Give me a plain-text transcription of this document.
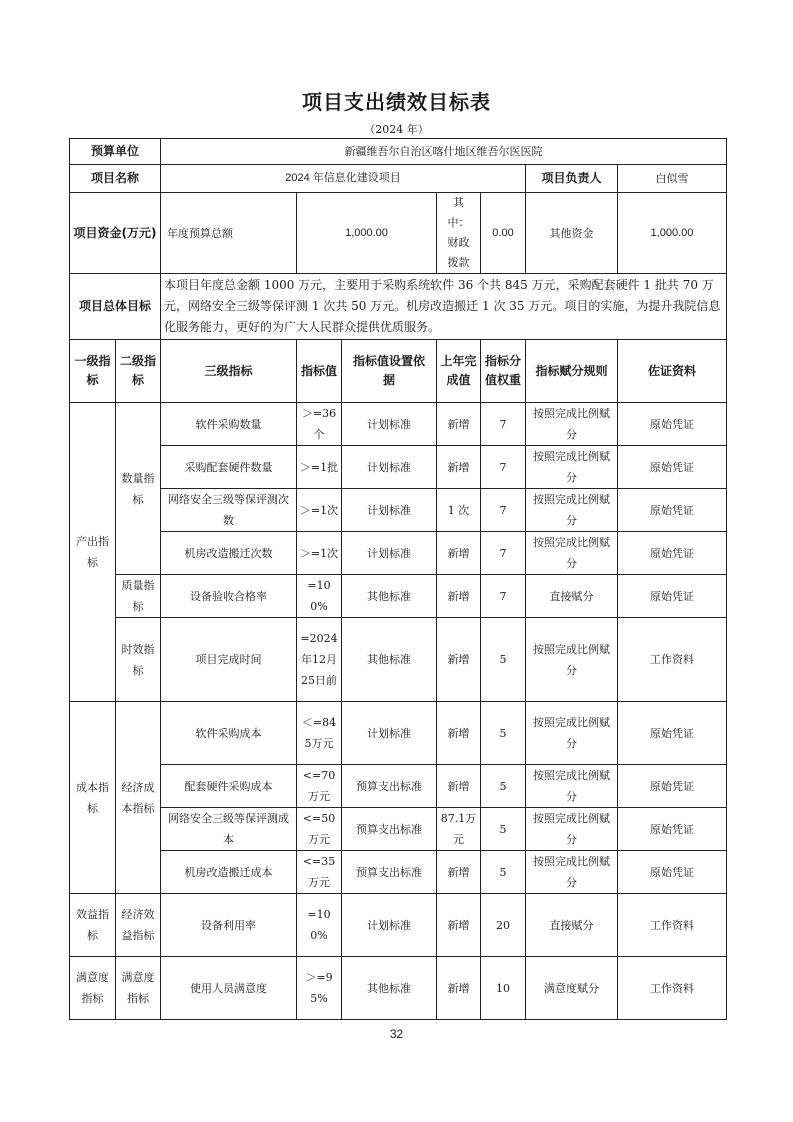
项目支出绩效目标表
（2024 年）
预算单位		新疆维吾尔自治区喀什地区维吾尔医医院						
项目名称		2024 年信息化建设项目					项目负责人	白似雪
项目资金(万元)		年度预算总额	1,000.00		其中：财政拨款	0.00	其他资金	1,000.00
项目总体目标		本项目年度总金额 1000 万元，主要用于采购系统软件 36 个共 845 万元，采购配套硬件 1 批共 70 万元，网络安全三级等保评测 1 次共 50 万元。机房改造搬迁 1 次 35 万元。项目的实施，为提升我院信息化服务能力，更好的为广大人民群众提供优质服务。						
一级指标	二级指标	三级指标	指标值	指标值设置依据	上年完成值	指标分值权重	指标赋分规则	佐证资料
产出指标	数量指标	软件采购数量	＞=36个	计划标准	新增	7	按照完成比例赋分	原始凭证
		采购配套硬件数量	＞=1批	计划标准	新增	7	按照完成比例赋分	原始凭证
		网络安全三级等保评测次数	＞=1次	计划标准	1 次	7	按照完成比例赋分	原始凭证
		机房改造搬迁次数	＞=1次	计划标准	新增	7	按照完成比例赋分	原始凭证
	质量指标	设备验收合格率	=100%	其他标准	新增	7	直接赋分	原始凭证
	时效指标	项目完成时间	=2024年12月25日前	其他标准	新增	5	按照完成比例赋分	工作资料
成本指标	经济成本指标	软件采购成本	＜=845万元	计划标准	新增	5	按照完成比例赋分	原始凭证
		配套硬件采购成本	<=70万元	预算支出标准	新增	5	按照完成比例赋分	原始凭证
		网络安全三级等保评测成本	<=50万元	预算支出标准	87.1万元	5	按照完成比例赋分	原始凭证
		机房改造搬迁成本	<=35万元	预算支出标准	新增	5	按照完成比例赋分	原始凭证
效益指标	经济效益指标	设备利用率	=100%	计划标准	新增	20	直接赋分	工作资料
满意度指标	满意度指标	使用人员满意度	＞=95%	其他标准	新增	10	满意度赋分	工作资料
32
